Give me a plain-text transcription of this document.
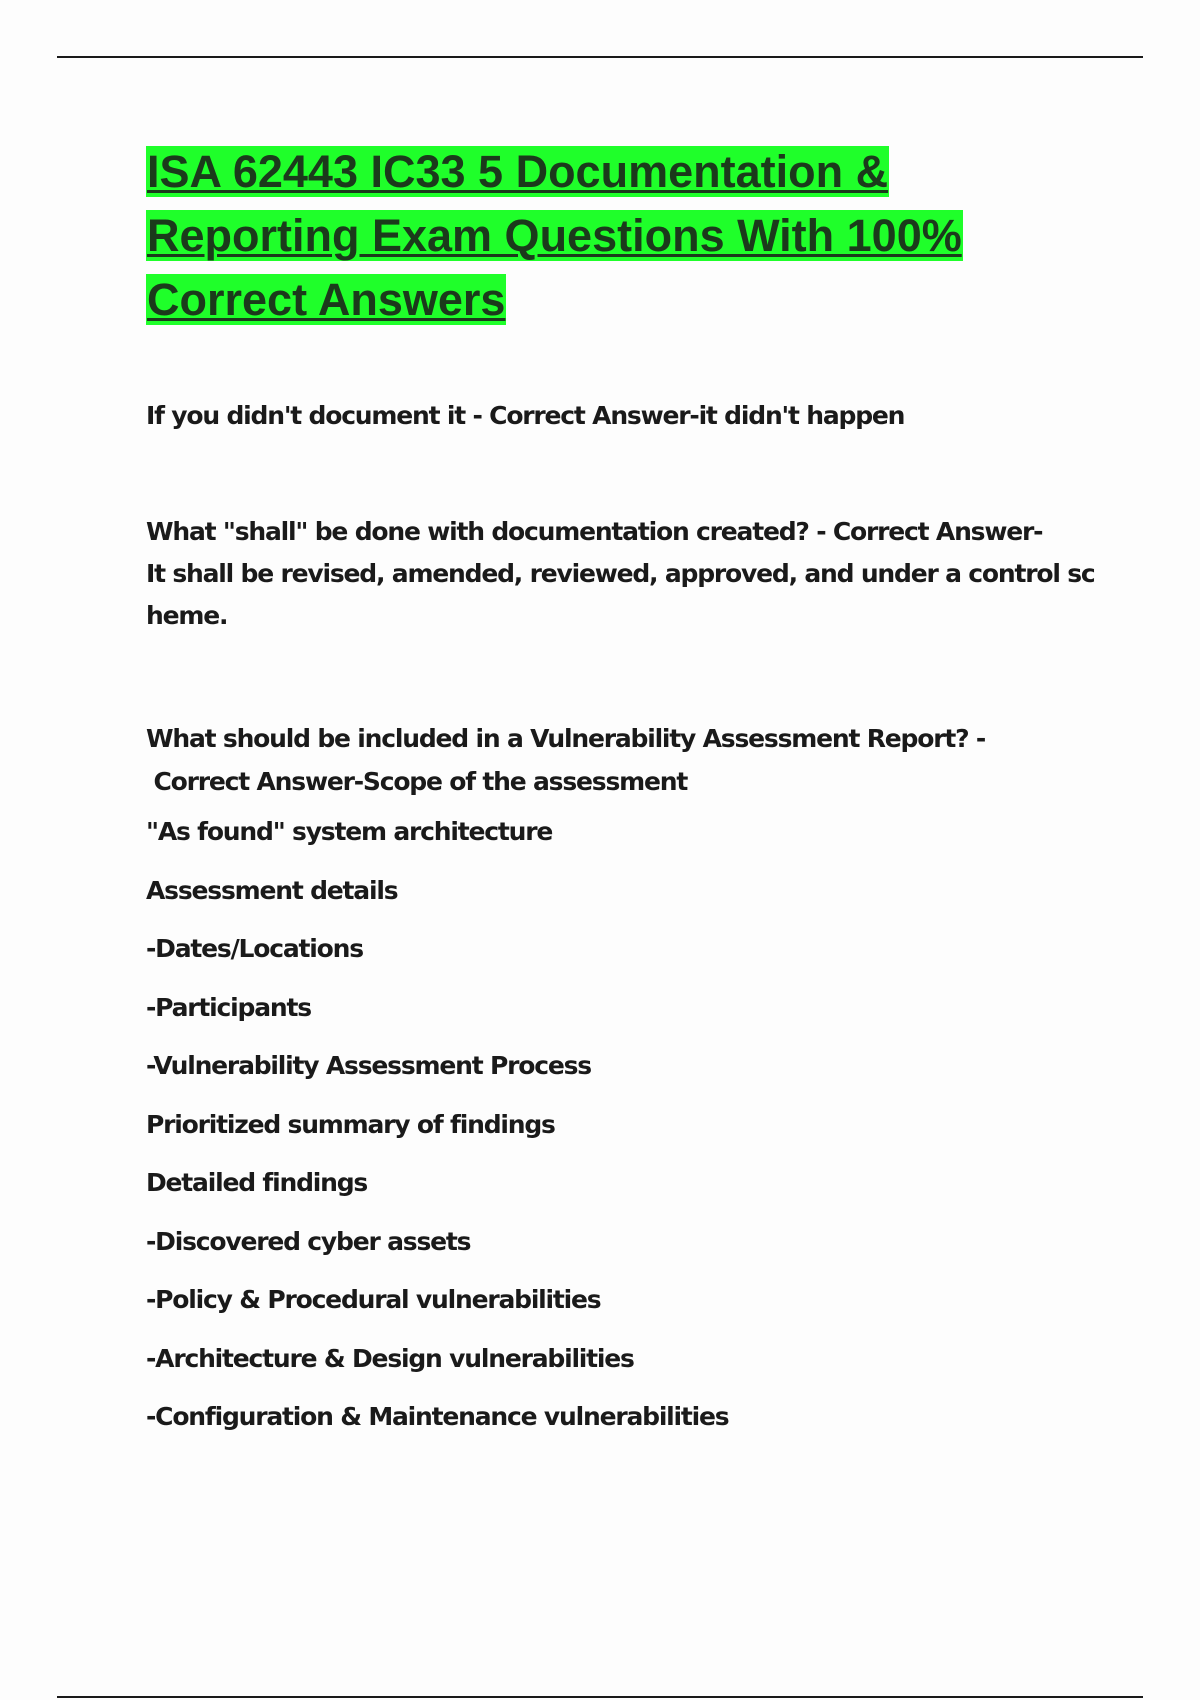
ISA 62443 IC33 5 Documentation &
Reporting Exam Questions With 100%
Correct Answers
If you didn't document it - Correct Answer-it didn't happen
What "shall" be done with documentation created? - Correct Answer-
It shall be revised, amended, reviewed, approved, and under a control sc
heme.
What should be included in a Vulnerability Assessment Report? -
Correct Answer-Scope of the assessment
"As found" system architecture
Assessment details
-Dates/Locations
-Participants
-Vulnerability Assessment Process
Prioritized summary of findings
Detailed findings
-Discovered cyber assets
-Policy & Procedural vulnerabilities
-Architecture & Design vulnerabilities
-Configuration & Maintenance vulnerabilities
